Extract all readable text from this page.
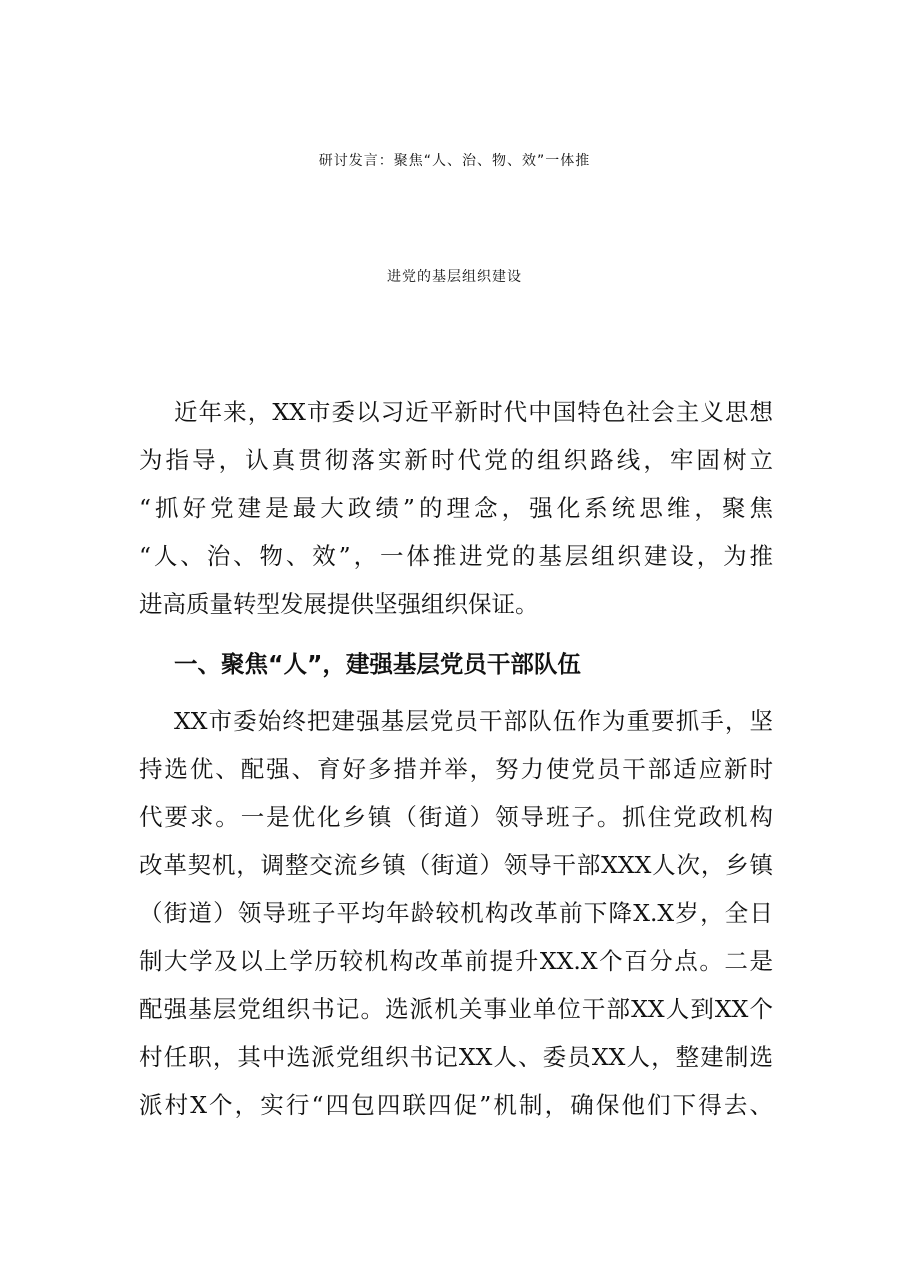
研讨发言：聚焦“人、治、物、效”一体推
进党的基层组织建设
近年来，XX市委以习近平新时代中国特色社会主义思想
为指导，认真贯彻落实新时代党的组织路线，牢固树立
“抓好党建是最大政绩”的理念，强化系统思维，聚焦
“人、治、物、效”，一体推进党的基层组织建设，为推
进高质量转型发展提供坚强组织保证。
一、聚焦“人”，建强基层党员干部队伍
XX市委始终把建强基层党员干部队伍作为重要抓手，坚
持选优、配强、育好多措并举，努力使党员干部适应新时
代要求。一是优化乡镇（街道）领导班子。抓住党政机构
改革契机，调整交流乡镇（街道）领导干部XXX人次，乡镇
（街道）领导班子平均年龄较机构改革前下降X.X岁，全日
制大学及以上学历较机构改革前提升XX.X个百分点。二是
配强基层党组织书记。选派机关事业单位干部XX人到XX个
村任职，其中选派党组织书记XX人、委员XX人，整建制选
派村X个，实行“四包四联四促”机制，确保他们下得去、
